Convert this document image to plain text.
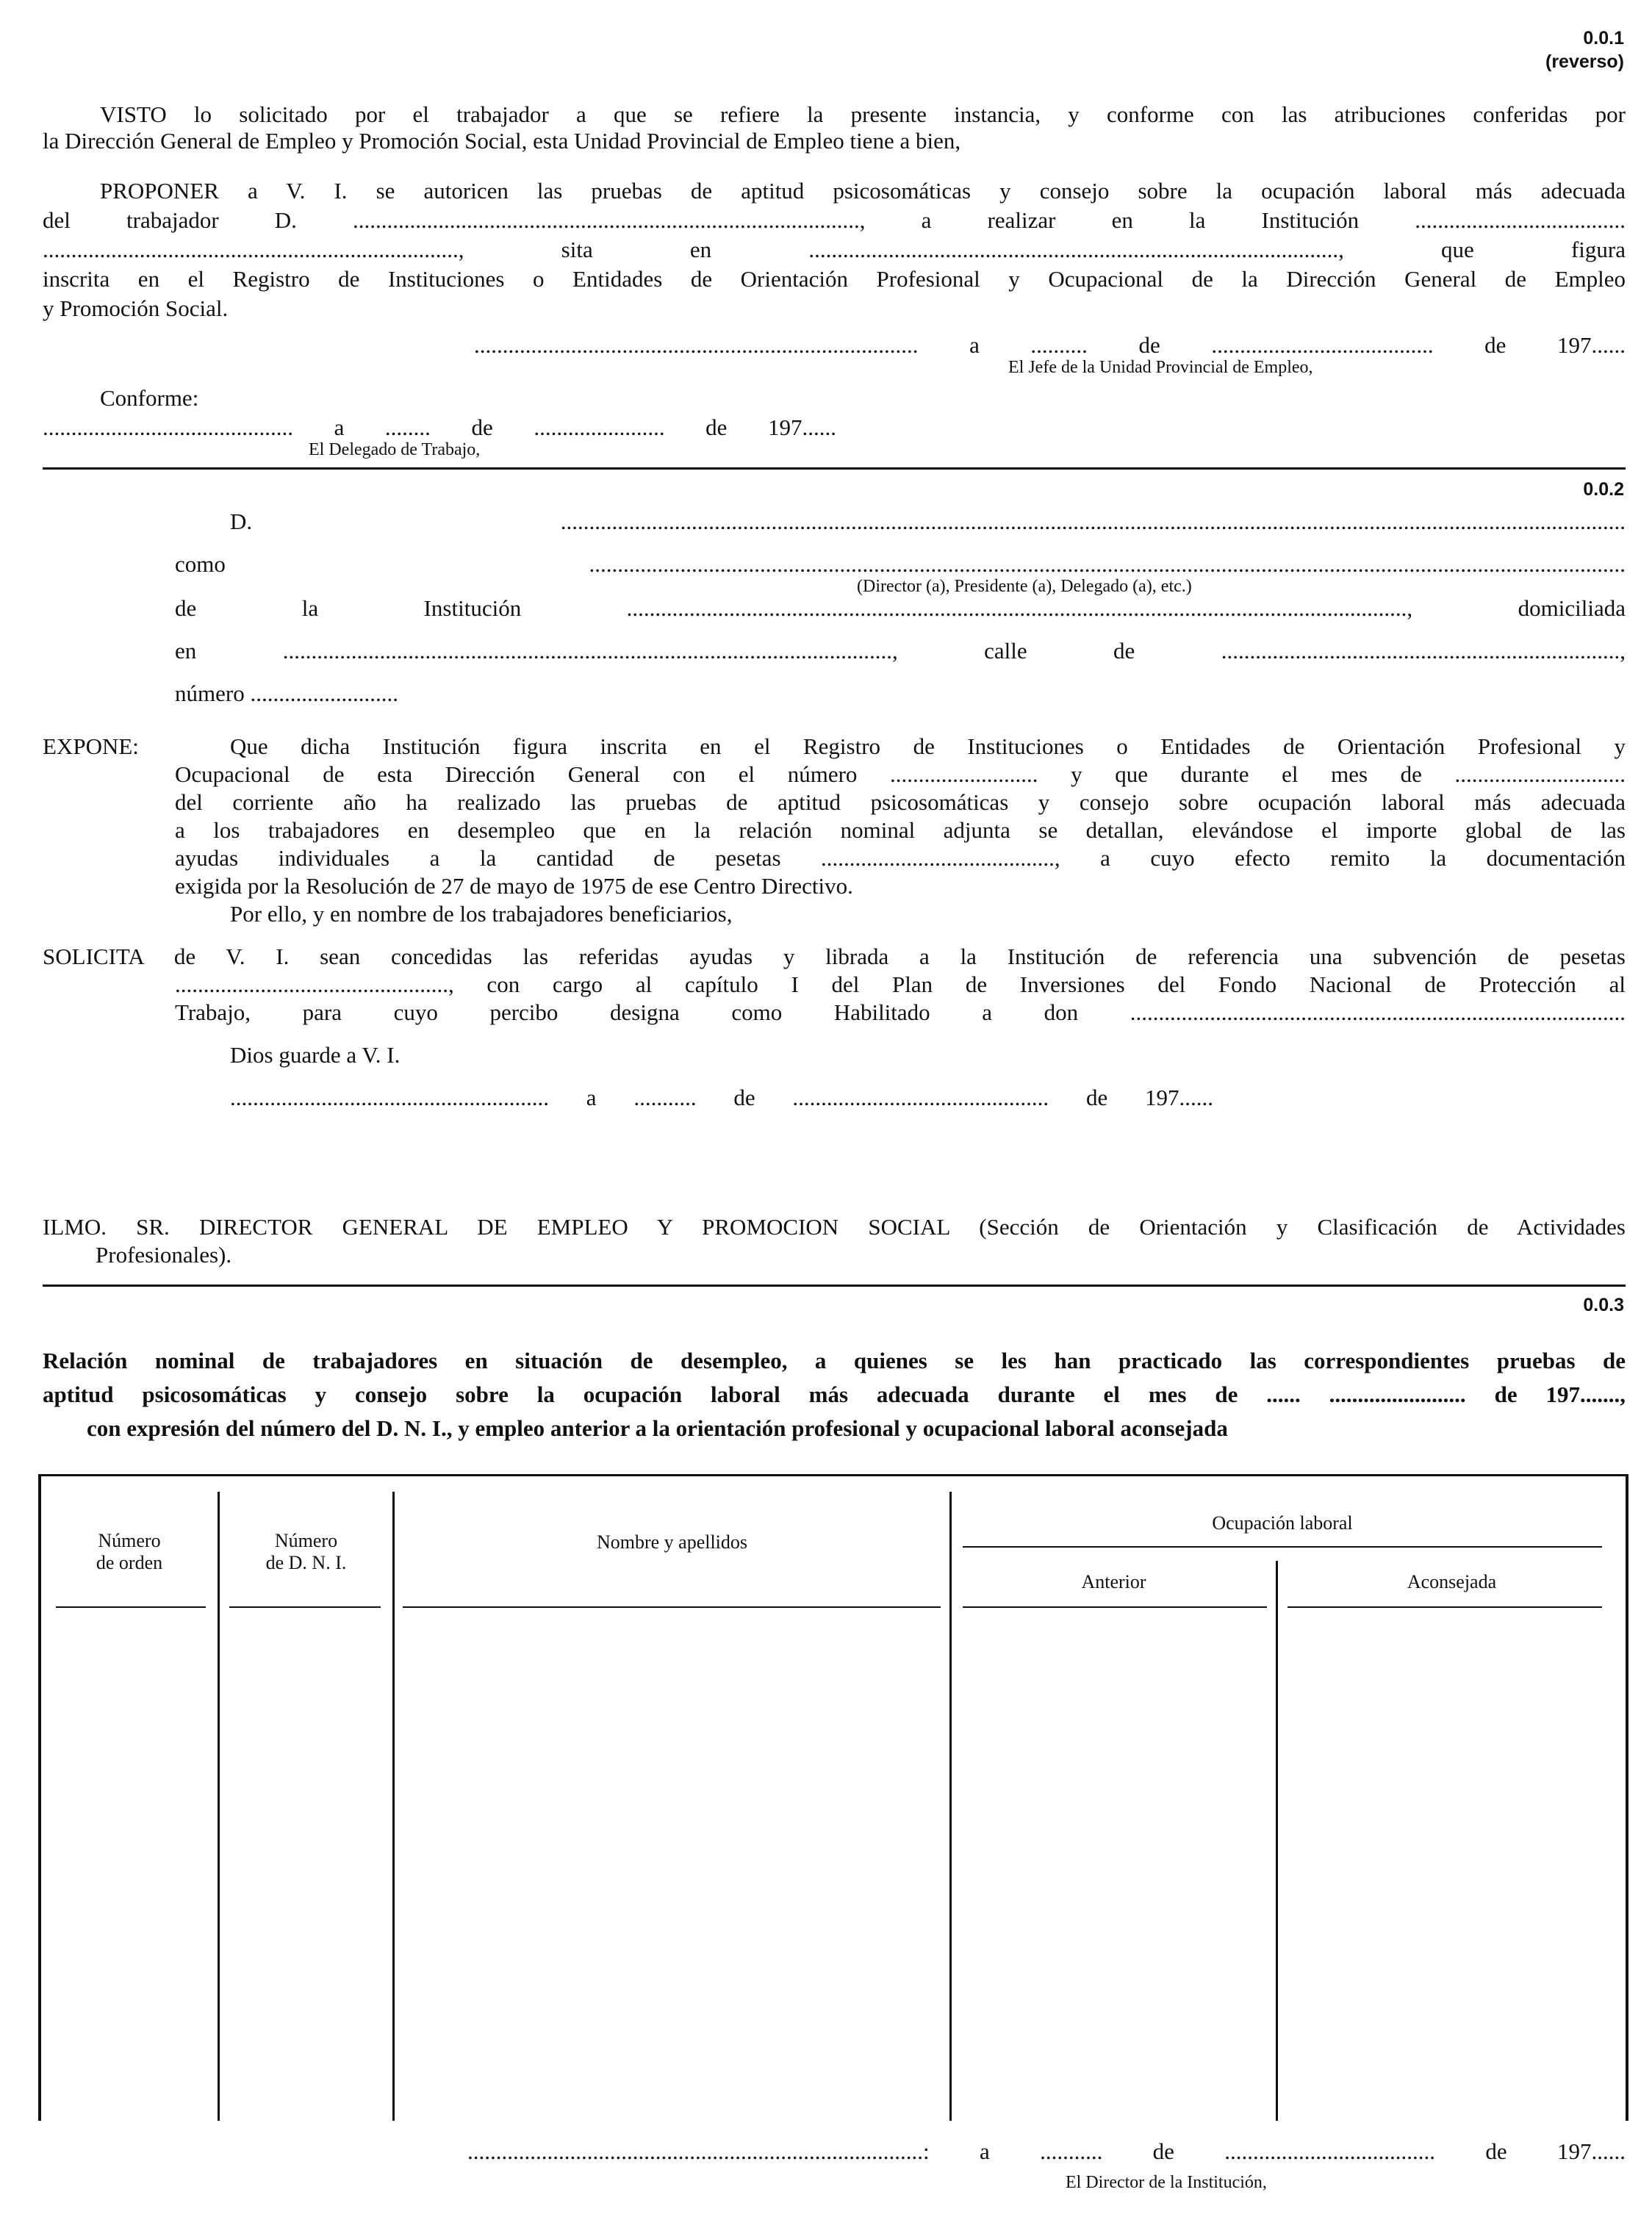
0.0.1
(reverso)
VISTO lo solicitado por el trabajador a que se refiere la presente instancia, y conforme con las atribuciones conferidas por
la Dirección General de Empleo y Promoción Social, esta Unidad Provincial de Empleo tiene a bien,
PROPONER a V. I. se autoricen las pruebas de aptitud psicosomáticas y consejo sobre la ocupación laboral más adecuada
del trabajador D. ........................................................................................., a realizar en la Institución .....................................
........................................................................., sita en ............................................................................................., que figura
inscrita en el Registro de Instituciones o Entidades de Orientación Profesional y Ocupacional de la Dirección General de Empleo
y Promoción Social.
.............................................................................. a .......... de ....................................... de 197......
El Jefe de la Unidad Provincial de Empleo,
Conforme:
............................................ a ........ de ....................... de 197......
El Delegado de Trabajo,
0.0.2
D. ...........................................................................................................................................................................................
como ......................................................................................................................................................................................
(Director (a), Presidente (a), Delegado (a), etc.)
de la Institución ........................................................................................................................................., domiciliada
en ..........................................................................................................., calle de ......................................................................,
número ..........................
EXPONE:	Que dicha Institución figura inscrita en el Registro de Instituciones o Entidades de Orientación Profesional y
Ocupacional de esta Dirección General con el número .......................... y que durante el mes de ..............................
del corriente año ha realizado las pruebas de aptitud psicosomáticas y consejo sobre ocupación laboral más adecuada
a los trabajadores en desempleo que en la relación nominal adjunta se detallan, elevándose el importe global de las
ayudas individuales a la cantidad de pesetas ........................................., a cuyo efecto remito la documentación
exigida por la Resolución de 27 de mayo de 1975 de ese Centro Directivo.
Por ello, y en nombre de los trabajadores beneficiarios,
SOLICITA de V. I. sean concedidas las referidas ayudas y librada a la Institución de referencia una subvención de pesetas
................................................, con cargo al capítulo I del Plan de Inversiones del Fondo Nacional de Protección al
Trabajo, para cuyo percibo designa como Habilitado a don .......................................................................................
Dios guarde a V. I.
........................................................ a ........... de ............................................. de 197......
ILMO. SR. DIRECTOR GENERAL DE EMPLEO Y PROMOCION SOCIAL (Sección de Orientación y Clasificación de Actividades
Profesionales).
0.0.3
Relación nominal de trabajadores en situación de desempleo, a quienes se les han practicado las correspondientes pruebas de
aptitud psicosomáticas y consejo sobre la ocupación laboral más adecuada durante el mes de ...... ........................ de 197.......,
con expresión del número del D. N. I., y empleo anterior a la orientación profesional y ocupacional laboral aconsejada
Número
de orden
Número
de D. N. I.
Nombre y apellidos
Ocupación laboral
Anterior	Aconsejada
................................................................................: a ........... de ..................................... de 197......
El Director de la Institución,
